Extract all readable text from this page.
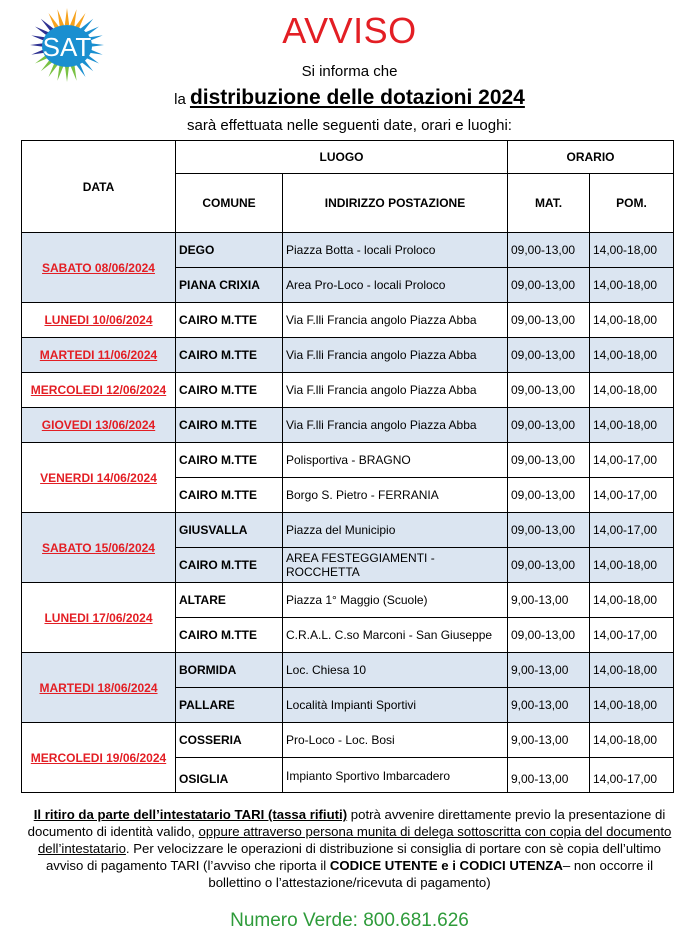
SAT	AVVISO
Si informa che
la distribuzione delle dotazioni 2024
sarà effettuata nelle seguenti date, orari e luoghi:
DATA	LUOGO		ORARIO	
	COMUNE	INDIRIZZO POSTAZIONE	MAT.	POM.
SABATO 08/06/2024	DEGO	Piazza Botta - locali Proloco	09,00-13,00	14,00-18,00
	PIANA CRIXIA	Area Pro-Loco - locali Proloco	09,00-13,00	14,00-18,00
LUNEDI 10/06/2024	CAIRO M.TTE	Via F.lli Francia angolo Piazza Abba	09,00-13,00	14,00-18,00
MARTEDI 11/06/2024	CAIRO M.TTE	Via F.lli Francia angolo Piazza Abba	09,00-13,00	14,00-18,00
MERCOLEDI 12/06/2024	CAIRO M.TTE	Via F.lli Francia angolo Piazza Abba	09,00-13,00	14,00-18,00
GIOVEDI 13/06/2024	CAIRO M.TTE	Via F.lli Francia angolo Piazza Abba	09,00-13,00	14,00-18,00
VENERDI 14/06/2024	CAIRO M.TTE	Polisportiva - BRAGNO	09,00-13,00	14,00-17,00
	CAIRO M.TTE	Borgo S. Pietro - FERRANIA	09,00-13,00	14,00-17,00
SABATO 15/06/2024	GIUSVALLA	Piazza del Municipio	09,00-13,00	14,00-17,00
	CAIRO M.TTE	AREA FESTEGGIAMENTI - ROCCHETTA	09,00-13,00	14,00-18,00
LUNEDI 17/06/2024	ALTARE	Piazza 1° Maggio (Scuole)	9,00-13,00	14,00-18,00
	CAIRO M.TTE	C.R.A.L. C.so Marconi - San Giuseppe	09,00-13,00	14,00-17,00
MARTEDI 18/06/2024	BORMIDA	Loc. Chiesa 10	9,00-13,00	14,00-18,00
	PALLARE	Località Impianti Sportivi	9,00-13,00	14,00-18,00
MERCOLEDI 19/06/2024	COSSERIA	Pro-Loco - Loc. Bosi	9,00-13,00	14,00-18,00
	OSIGLIA	Impianto Sportivo Imbarcadero	9,00-13,00	14,00-17,00
Il ritiro da parte dell’intestatario TARI (tassa rifiuti) potrà avvenire direttamente previo la presentazione di documento di identità valido, oppure attraverso persona munita di delega sottoscritta con copia del documento dell’intestatario. Per velocizzare le operazioni di distribuzione si consiglia di portare con sè copia dell’ultimo avviso di pagamento TARI (l’avviso che riporta il CODICE UTENTE e i CODICI UTENZA– non occorre il bollettino o l’attestazione/ricevuta di pagamento)
Numero Verde: 800.681.626
